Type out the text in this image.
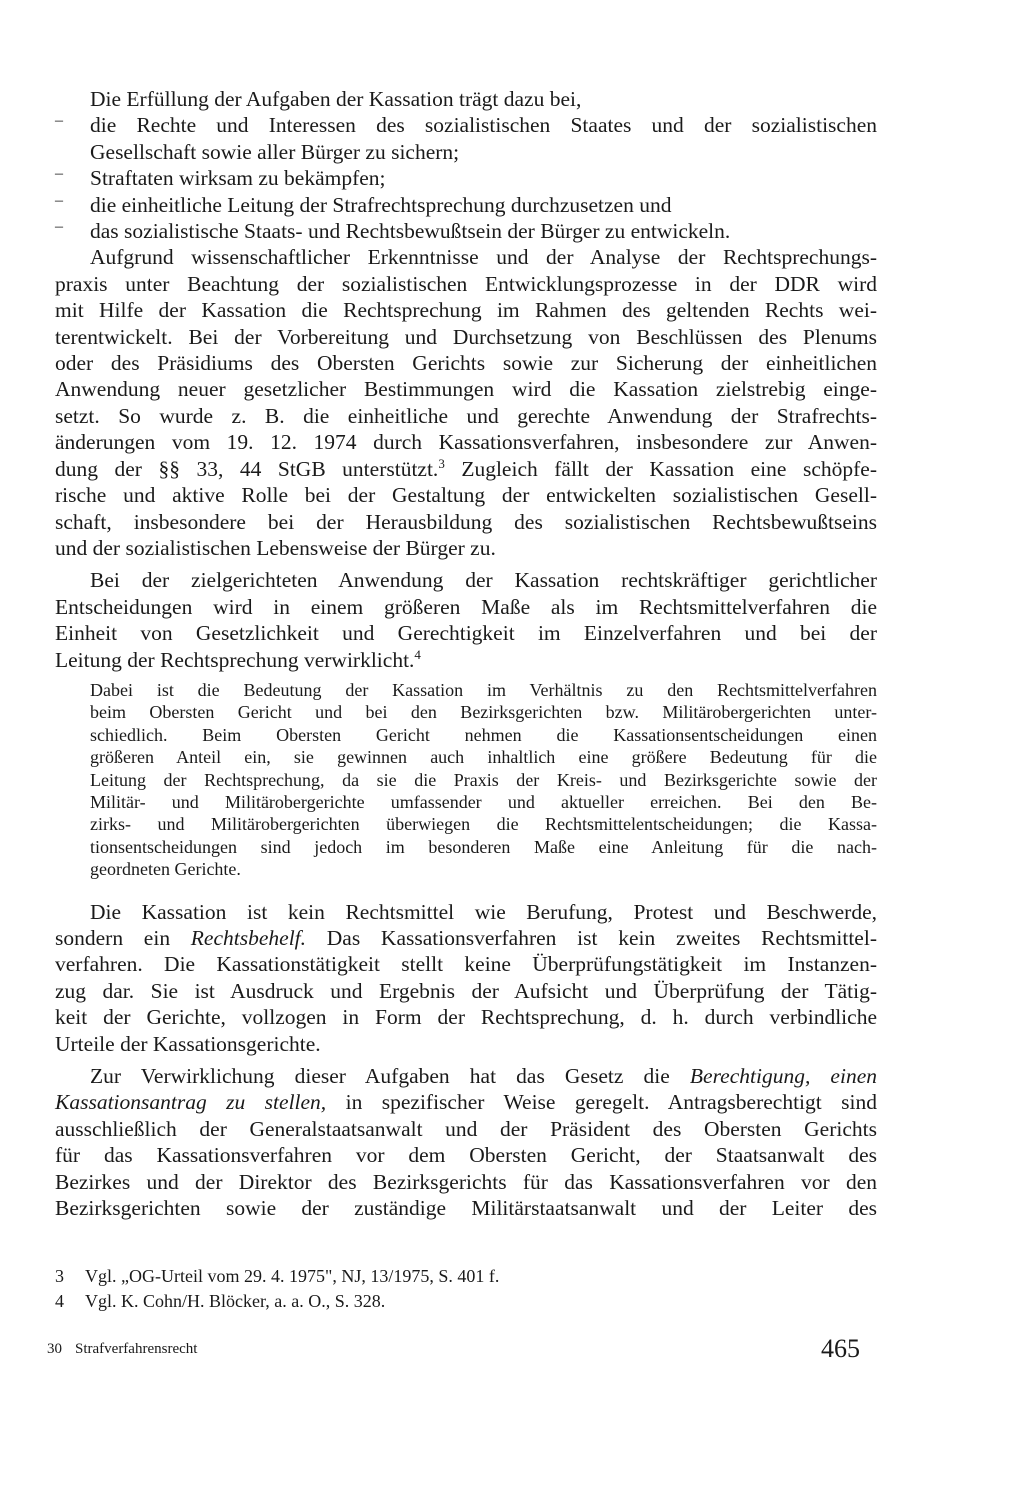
Die Erfüllung der Aufgaben der Kassation trägt dazu bei,
– die Rechte und Interessen des sozialistischen Staates und der sozialistischen
Gesellschaft sowie aller Bürger zu sichern;
– Straftaten wirksam zu bekämpfen;
– die einheitliche Leitung der Strafrechtsprechung durchzusetzen und
– das sozialistische Staats- und Rechtsbewußtsein der Bürger zu entwickeln.
Aufgrund wissenschaftlicher Erkenntnisse und der Analyse der Rechtsprechungs-
praxis unter Beachtung der sozialistischen Entwicklungsprozesse in der DDR wird
mit Hilfe der Kassation die Rechtsprechung im Rahmen des geltenden Rechts wei-
terentwickelt. Bei der Vorbereitung und Durchsetzung von Beschlüssen des Plenums
oder des Präsidiums des Obersten Gerichts sowie zur Sicherung der einheitlichen
Anwendung neuer gesetzlicher Bestimmungen wird die Kassation zielstrebig einge-
setzt. So wurde z. B. die einheitliche und gerechte Anwendung der Strafrechts-
änderungen vom 19. 12. 1974 durch Kassationsverfahren, insbesondere zur Anwen-
dung der §§ 33, 44 StGB unterstützt.$^3$ Zugleich fällt der Kassation eine schöpfe-
rische und aktive Rolle bei der Gestaltung der entwickelten sozialistischen Gesell-
schaft, insbesondere bei der Herausbildung des sozialistischen Rechtsbewußtseins
und der sozialistischen Lebensweise der Bürger zu.
Bei der zielgerichteten Anwendung der Kassation rechtskräftiger gerichtlicher
Entscheidungen wird in einem größeren Maße als im Rechtsmittelverfahren die
Einheit von Gesetzlichkeit und Gerechtigkeit im Einzelverfahren und bei der
Leitung der Rechtsprechung verwirklicht.$^4$
Dabei ist die Bedeutung der Kassation im Verhältnis zu den Rechtsmittelverfahren
beim Obersten Gericht und bei den Bezirksgerichten bzw. Militärobergerichten unter-
schiedlich. Beim Obersten Gericht nehmen die Kassationsentscheidungen einen
größeren Anteil ein, sie gewinnen auch inhaltlich eine größere Bedeutung für die
Leitung der Rechtsprechung, da sie die Praxis der Kreis- und Bezirksgerichte sowie der
Militär- und Militärobergerichte umfassender und aktueller erreichen. Bei den Be-
zirks- und Militärobergerichten überwiegen die Rechtsmittelentscheidungen; die Kassa-
tionsentscheidungen sind jedoch im besonderen Maße eine Anleitung für die nach-
geordneten Gerichte.
Die Kassation ist kein Rechtsmittel wie Berufung, Protest und Beschwerde,
sondern ein Rechtsbehelf. Das Kassationsverfahren ist kein zweites Rechtsmittel-
verfahren. Die Kassationstätigkeit stellt keine Überprüfungstätigkeit im Instanzen-
zug dar. Sie ist Ausdruck und Ergebnis der Aufsicht und Überprüfung der Tätig-
keit der Gerichte, vollzogen in Form der Rechtsprechung, d. h. durch verbindliche
Urteile der Kassationsgerichte.
Zur Verwirklichung dieser Aufgaben hat das Gesetz die Berechtigung, einen
Kassationsantrag zu stellen, in spezifischer Weise geregelt. Antragsberechtigt sind
ausschließlich der Generalstaatsanwalt und der Präsident des Obersten Gerichts
für das Kassationsverfahren vor dem Obersten Gericht, der Staatsanwalt des
Bezirkes und der Direktor des Bezirksgerichts für das Kassationsverfahren vor den
Bezirksgerichten sowie der zuständige Militärstaatsanwalt und der Leiter des
3 Vgl. „OG-Urteil vom 29. 4. 1975", NJ, 13/1975, S. 401 f.
4 Vgl. K. Cohn/H. Blöcker, a. a. O., S. 328.
30 Strafverfahrensrecht	465
